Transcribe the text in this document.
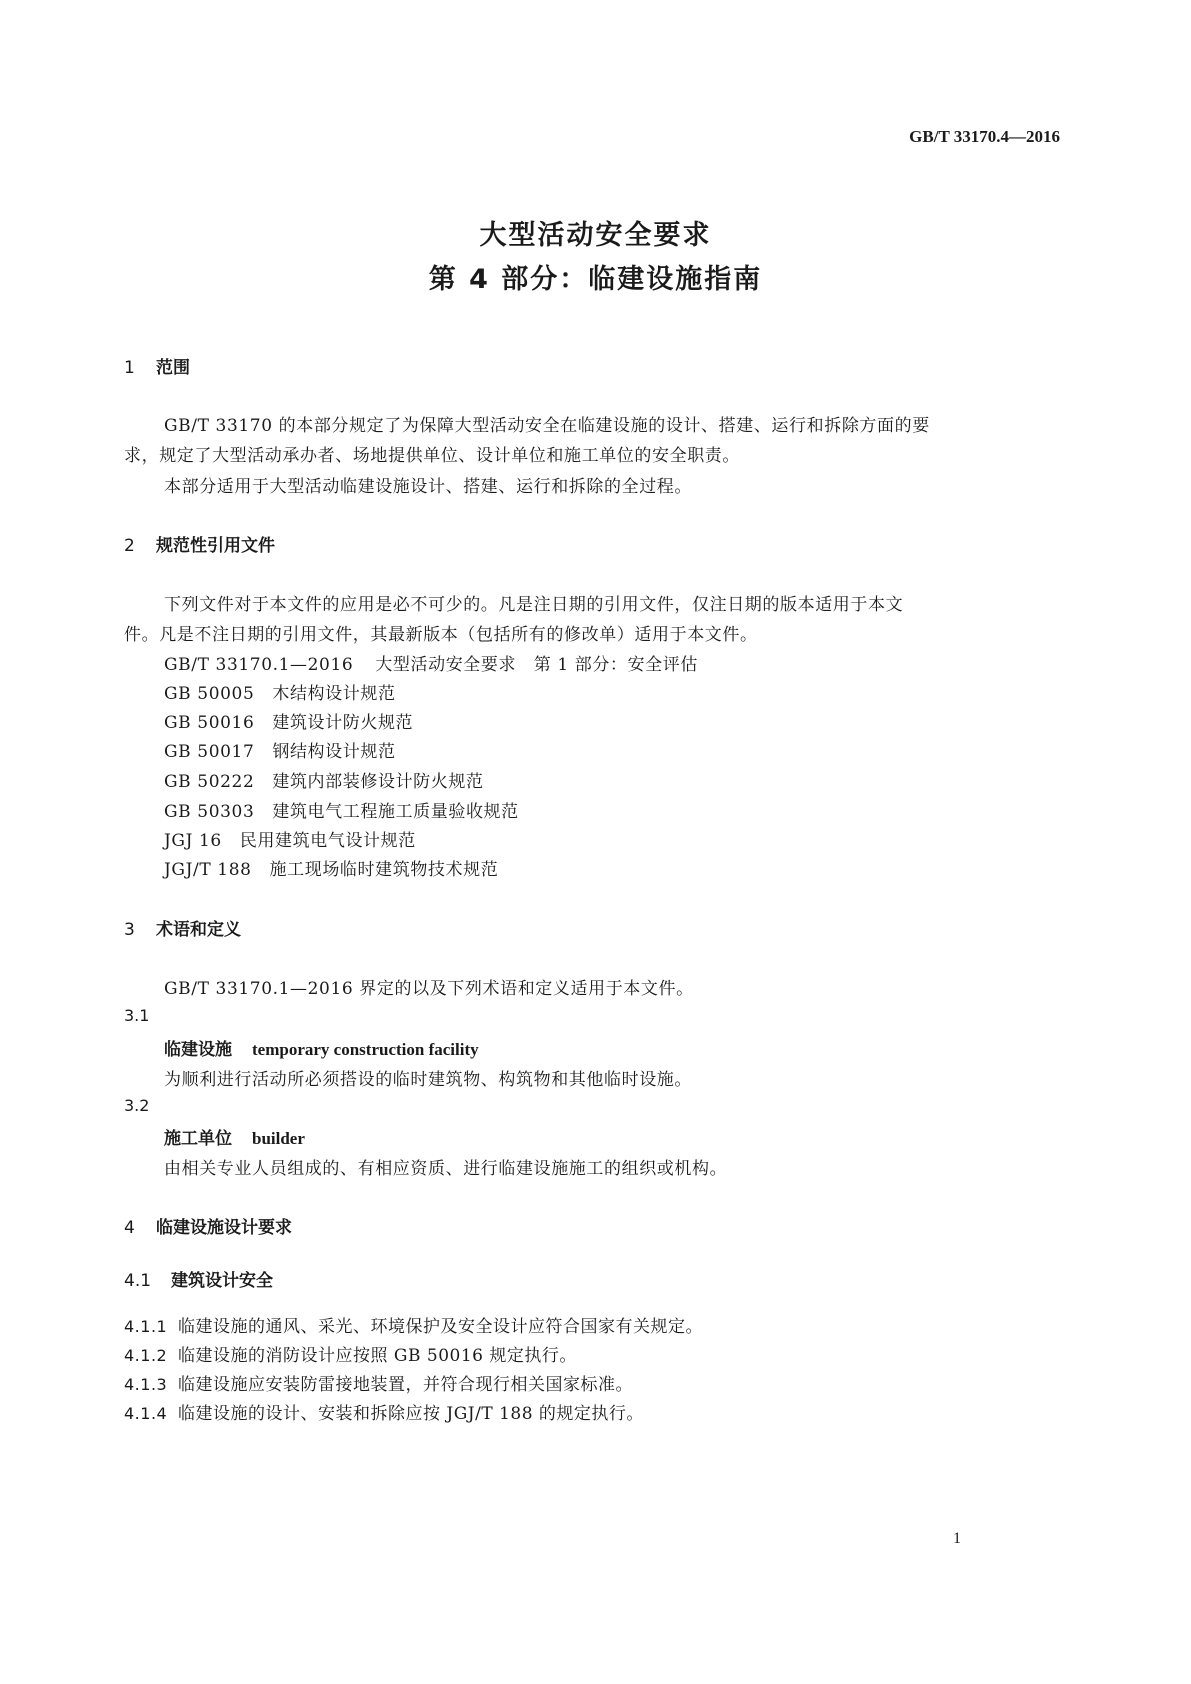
GB/T 33170.4—2016
大型活动安全要求
第 4 部分：临建设施指南
1 范围
GB/T 33170 的本部分规定了为保障大型活动安全在临建设施的设计、搭建、运行和拆除方面的要
求，规定了大型活动承办者、场地提供单位、设计单位和施工单位的安全职责。
本部分适用于大型活动临建设施设计、搭建、运行和拆除的全过程。
2 规范性引用文件
下列文件对于本文件的应用是必不可少的。凡是注日期的引用文件，仅注日期的版本适用于本文
件。凡是不注日期的引用文件，其最新版本（包括所有的修改单）适用于本文件。
GB/T 33170.1—2016 大型活动安全要求　第 1 部分：安全评估
GB 50005 木结构设计规范
GB 50016 建筑设计防火规范
GB 50017 钢结构设计规范
GB 50222 建筑内部装修设计防火规范
GB 50303 建筑电气工程施工质量验收规范
JGJ 16 民用建筑电气设计规范
JGJ/T 188 施工现场临时建筑物技术规范
3 术语和定义
GB/T 33170.1—2016 界定的以及下列术语和定义适用于本文件。
3.1
临建设施 temporary construction facility
为顺利进行活动所必须搭设的临时建筑物、构筑物和其他临时设施。
3.2
施工单位 builder
由相关专业人员组成的、有相应资质、进行临建设施施工的组织或机构。
4 临建设施设计要求
4.1 建筑设计安全
4.1.1 临建设施的通风、采光、环境保护及安全设计应符合国家有关规定。
4.1.2 临建设施的消防设计应按照 GB 50016 规定执行。
4.1.3 临建设施应安装防雷接地装置，并符合现行相关国家标准。
4.1.4 临建设施的设计、安装和拆除应按 JGJ/T 188 的规定执行。
1
